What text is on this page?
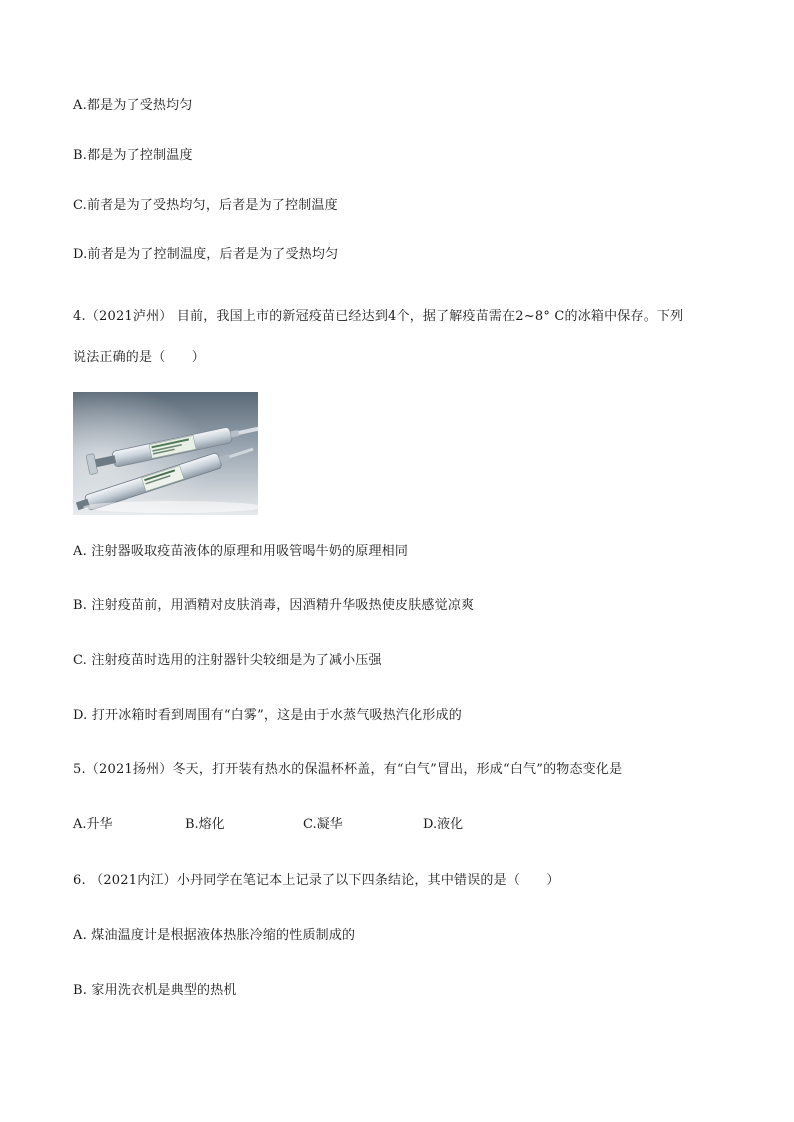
A.都是为了受热均匀
B.都是为了控制温度
C.前者是为了受热均匀，后者是为了控制温度
D.前者是为了控制温度，后者是为了受热均匀
4.（2021泸州） 目前，我国上市的新冠疫苗已经达到4个，据了解疫苗需在2~8° C的冰箱中保存。下列
说法正确的是（　　）
A. 注射器吸取疫苗液体的原理和用吸管喝牛奶的原理相同
B. 注射疫苗前，用酒精对皮肤消毒，因酒精升华吸热使皮肤感觉凉爽
C. 注射疫苗时选用的注射器针尖较细是为了减小压强
D. 打开冰箱时看到周围有“白雾”，这是由于水蒸气吸热汽化形成的
5.（2021扬州）冬天，打开装有热水的保温杯杯盖，有“白气”冒出，形成“白气”的物态变化是
A.升华	B.熔化	C.凝华	D.液化
6. （2021内江）小丹同学在笔记本上记录了以下四条结论，其中错误的是（　　）
A. 煤油温度计是根据液体热胀冷缩的性质制成的
B. 家用洗衣机是典型的热机
